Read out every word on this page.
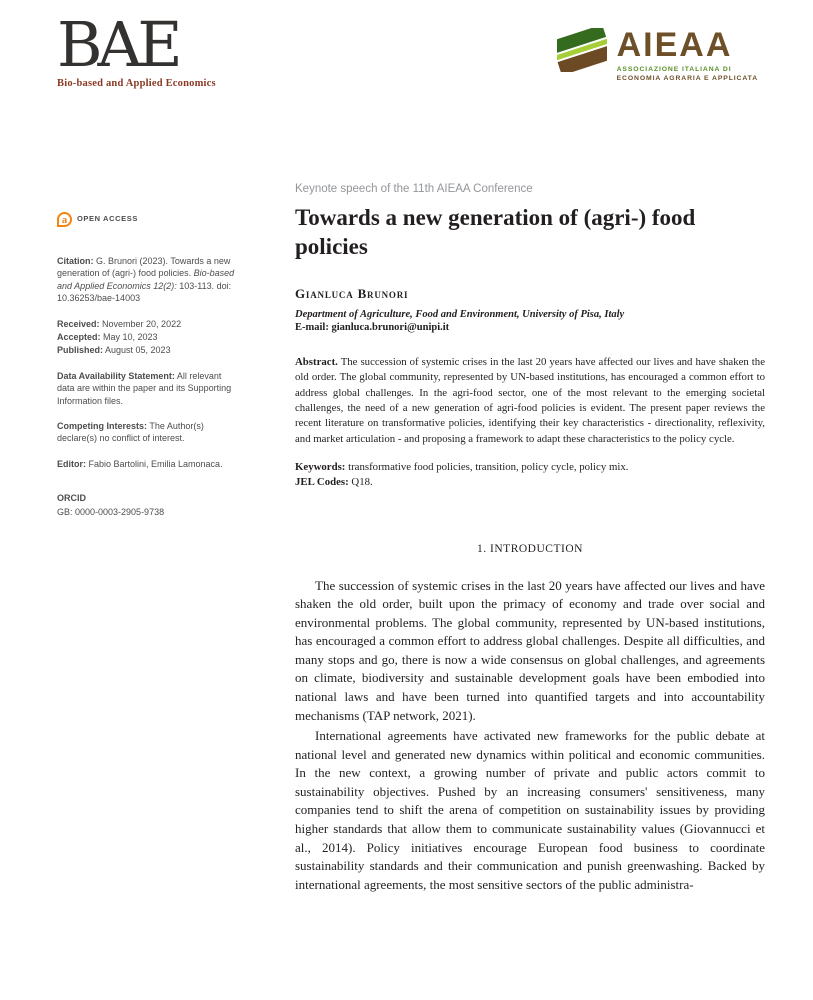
BAE
Bio-based and Applied Economics
AIEAA
ASSOCIAZIONE ITALIANA DI
ECONOMIA AGRARIA E APPLICATA
a	OPEN ACCESS
Citation: G. Brunori (2023). Towards a new generation of (agri-) food policies. Bio-based and Applied Economics 12(2): 103-113. doi: 10.36253/bae-14003
Received: November 20, 2022
Accepted: May 10, 2023
Published: August 05, 2023
Data Availability Statement: All relevant data are within the paper and its Supporting Information files.
Competing Interests: The Author(s) declare(s) no conflict of interest.
Editor: Fabio Bartolini, Emilia Lamonaca.
ORCID
GB: 0000-0003-2905-9738
Keynote speech of the 11th AIEAA Conference
Towards a new generation of (agri-) food policies
Gianluca Brunori
Department of Agriculture, Food and Environment, University of Pisa, Italy
E-mail: gianluca.brunori@unipi.it

Abstract. The succession of systemic crises in the last 20 years have affected our lives and have shaken the old order. The global community, represented by UN-based institutions, has encouraged a common effort to address global challenges. In the agri-food sector, one of the most relevant to the emerging societal challenges, the need of a new generation of agri-food policies is evident. The present paper reviews the recent literature on transformative policies, identifying their key characteristics - directionality, reflexivity, and market articulation - and proposing a framework to adapt these characteristics to the policy cycle.

Keywords: transformative food policies, transition, policy cycle, policy mix.

JEL Codes: Q18.

1. INTRODUCTION

The succession of systemic crises in the last 20 years have affected our lives and have shaken the old order, built upon the primacy of economy and trade over social and environmental problems. The global community, represented by UN-based institutions, has encouraged a common effort to address global challenges. Despite all difficulties, and many stops and go, there is now a wide consensus on global challenges, and agreements on climate, biodiversity and sustainable development goals have been embodied into national laws and have been turned into quantified targets and into accountability mechanisms (TAP network, 2021).

International agreements have activated new frameworks for the public debate at national level and generated new dynamics within political and economic communities. In the new context, a growing number of private and public actors commit to sustainability objectives. Pushed by an increasing consumers' sensitiveness, many companies tend to shift the arena of competition on sustainability issues by providing higher standards that allow them to communicate sustainability values (Giovannucci et al., 2014). Policy initiatives encourage European food business to coordinate sustainability standards and their communication and punish greenwashing. Backed by international agreements, the most sensitive sectors of the public administra-
